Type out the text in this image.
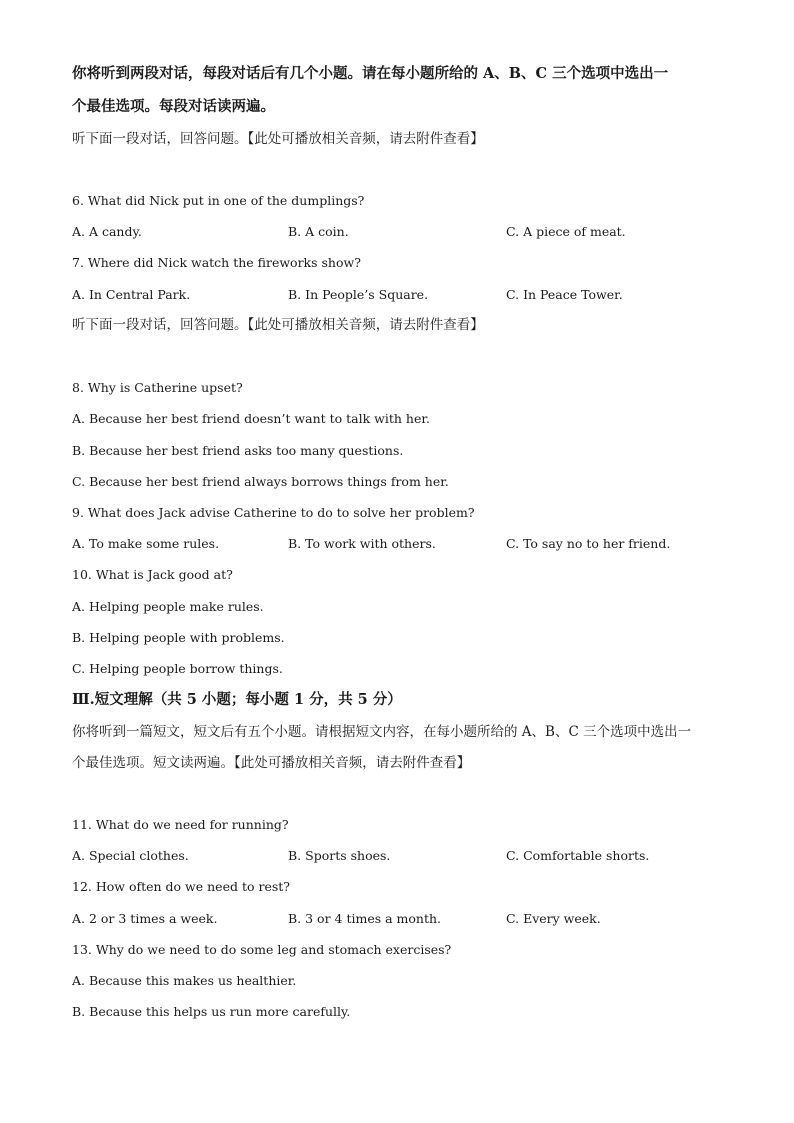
你将听到两段对话，每段对话后有几个小题。请在每小题所给的 A、B、C 三个选项中选出一
个最佳选项。每段对话读两遍。
听下面一段对话，回答问题。【此处可播放相关音频，请去附件查看】
6. What did Nick put in one of the dumplings?
A. A candy.	B. A coin.	C. A piece of meat.
7. Where did Nick watch the fireworks show?
A. In Central Park.	B. In People’s Square.	C. In Peace Tower.
听下面一段对话，回答问题。【此处可播放相关音频，请去附件查看】
8. Why is Catherine upset?
A. Because her best friend doesn’t want to talk with her.
B. Because her best friend asks too many questions.
C. Because her best friend always borrows things from her.
9. What does Jack advise Catherine to do to solve her problem?
A. To make some rules.	B. To work with others.	C. To say no to her friend.
10. What is Jack good at?
A. Helping people make rules.
B. Helping people with problems.
C. Helping people borrow things.
Ⅲ.短文理解（共 5 小题；每小题 1 分，共 5 分）
你将听到一篇短文，短文后有五个小题。请根据短文内容，在每小题所给的 A、B、C 三个选项中选出一
个最佳选项。短文读两遍。【此处可播放相关音频，请去附件查看】
11. What do we need for running?
A. Special clothes.	B. Sports shoes.	C. Comfortable shorts.
12. How often do we need to rest?
A. 2 or 3 times a week.	B. 3 or 4 times a month.	C. Every week.
13. Why do we need to do some leg and stomach exercises?
A. Because this makes us healthier.
B. Because this helps us run more carefully.
